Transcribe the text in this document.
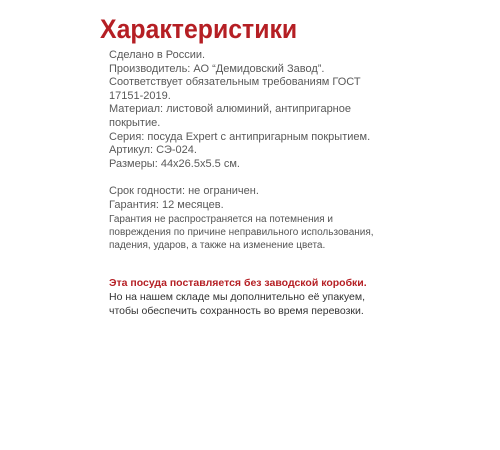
Характеристики
Сделано в России.
Производитель: АО “Демидовский Завод”.
Соответствует обязательным требованиям ГОСТ
17151-2019.
Материал: листовой алюминий, антипригарное
покрытие.
Серия: посуда Expert с антипригарным покрытием.
Артикул: СЭ-024.
Размеры: 44х26.5х5.5 см.
Срок годности: не ограничен.
Гарантия: 12 месяцев.
Гарантия не распространяется на потемнения и
повреждения по причине неправильного использования,
падения, ударов, а также на изменение цвета.
Эта посуда поставляется без заводской коробки.
Но на нашем складе мы дополнительно её упакуем,
чтобы обеспечить сохранность во время перевозки.
